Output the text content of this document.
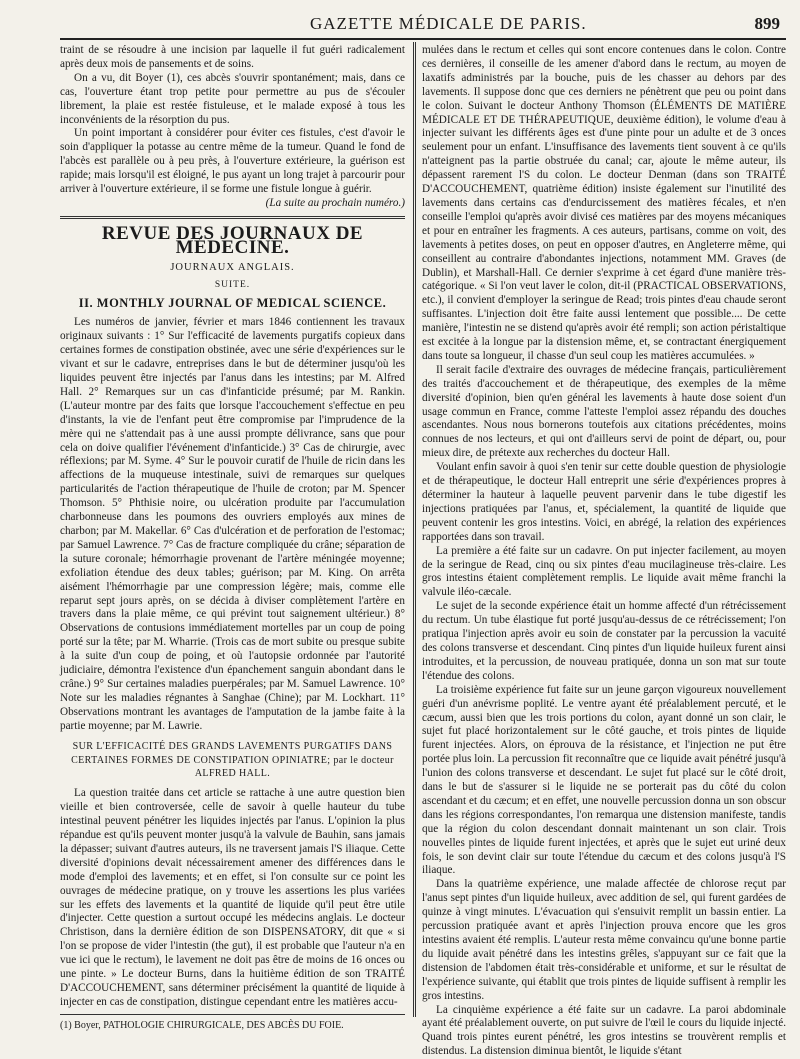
GAZETTE MÉDICALE DE PARIS.	899

traint de se résoudre à une incision par laquelle il fut guéri radicalement après deux mois de pansements et de soins.

On a vu, dit Boyer (1), ces abcès s'ouvrir spontanément; mais, dans ce cas, l'ouverture étant trop petite pour permettre au pus de s'écouler librement, la plaie est restée fistuleuse, et le malade exposé à tous les inconvénients de la résorption du pus.

Un point important à considérer pour éviter ces fistules, c'est d'avoir le soin d'appliquer la potasse au centre même de la tumeur. Quand le fond de l'abcès est parallèle ou à peu près, à l'ouverture extérieure, la guérison est rapide; mais lorsqu'il est éloigné, le pus ayant un long trajet à parcourir pour arriver à l'ouverture extérieure, il se forme une fistule longue à guérir.

(La suite au prochain numéro.)

REVUE DES JOURNAUX DE MÉDECINE.

JOURNAUX ANGLAIS.

SUITE.

II. MONTHLY JOURNAL OF MEDICAL SCIENCE.

Les numéros de janvier, février et mars 1846 contiennent les travaux originaux suivants : 1° Sur l'efficacité de lavements purgatifs copieux dans certaines formes de constipation obstinée, avec une série d'expériences sur le vivant et sur le cadavre, entreprises dans le but de déterminer jusqu'où les liquides peuvent être injectés par l'anus dans les intestins; par M. Alfred Hall. 2° Remarques sur un cas d'infanticide présumé; par M. Rankin. (L'auteur montre par des faits que lorsque l'accouchement s'effectue en peu d'instants, la vie de l'enfant peut être compromise par l'imprudence de la mère qui ne s'attendait pas à une aussi prompte délivrance, sans que pour cela on doive qualifier l'événement d'infanticide.) 3° Cas de chirurgie, avec réflexions; par M. Syme. 4° Sur le pouvoir curatif de l'huile de ricin dans les affections de la muqueuse intestinale, suivi de remarques sur quelques particularités de l'action thérapeutique de l'huile de croton; par M. Spencer Thomson. 5° Phthisie noire, ou ulcération produite par l'accumulation charbonneuse dans les poumons des ouvriers employés aux mines de charbon; par M. Makellar. 6° Cas d'ulcération et de perforation de l'estomac; par Samuel Lawrence. 7° Cas de fracture compliquée du crâne; séparation de la suture coronale; hémorrhagie provenant de l'artère méningée moyenne; exfoliation étendue des deux tables; guérison; par M. King. On arrêta aisément l'hémorrhagie par une compression légère; mais, comme elle reparut sept jours après, on se décida à diviser complètement l'artère en travers dans la plaie même, ce qui prévint tout saignement ultérieur.) 8° Observations de contusions immédiatement mortelles par un coup de poing porté sur la tête; par M. Wharrie. (Trois cas de mort subite ou presque subite à la suite d'un coup de poing, et où l'autopsie ordonnée par l'autorité judiciaire, démontra l'existence d'un épanchement sanguin abondant dans le crâne.) 9° Sur certaines maladies puerpérales; par M. Samuel Lawrence. 10° Note sur les maladies régnantes à Sanghae (Chine); par M. Lockhart. 11° Observations montrant les avantages de l'amputation de la jambe faite à la partie moyenne; par M. Lawrie.

SUR L'EFFICACITÉ DES GRANDS LAVEMENTS PURGATIFS DANS CERTAINES FORMES DE CONSTIPATION OPINIATRE; par le docteur ALFRED HALL.

La question traitée dans cet article se rattache à une autre question bien vieille et bien controversée, celle de savoir à quelle hauteur du tube intestinal peuvent pénétrer les liquides injectés par l'anus. L'opinion la plus répandue est qu'ils peuvent monter jusqu'à la valvule de Bauhin, sans jamais la dépasser; suivant d'autres auteurs, ils ne traversent jamais l'S iliaque. Cette diversité d'opinions devait nécessairement amener des différences dans le mode d'emploi des lavements; et en effet, si l'on consulte sur ce point les ouvrages de médecine pratique, on y trouve les assertions les plus variées sur les effets des lavements et la quantité de liquide qu'il peut être utile d'injecter. Cette question a surtout occupé les médecins anglais. Le docteur Christison, dans la dernière édition de son DISPENSATORY, dit que « si l'on se propose de vider l'intestin (the gut), il est probable que l'auteur n'a en vue ici que le rectum), le lavement ne doit pas être de moins de 16 onces ou une pinte. » Le docteur Burns, dans la huitième édition de son TRAITÉ D'ACCOUCHEMENT, sans déterminer précisément la quantité de liquide à injecter en cas de constipation, distingue cependant entre les matières accu-

(1) Boyer, PATHOLOGIE CHIRURGICALE, DES ABCÈS DU FOIE.

mulées dans le rectum et celles qui sont encore contenues dans le colon. Contre ces dernières, il conseille de les amener d'abord dans le rectum, au moyen de laxatifs administrés par la bouche, puis de les chasser au dehors par des lavements. Il suppose donc que ces derniers ne pénètrent que peu ou point dans le colon. Suivant le docteur Anthony Thomson (ÉLÉMENTS DE MATIÈRE MÉDICALE ET DE THÉRAPEUTIQUE, deuxième édition), le volume d'eau à injecter suivant les différents âges est d'une pinte pour un adulte et de 3 onces seulement pour un enfant. L'insuffisance des lavements tient souvent à ce qu'ils n'atteignent pas la partie obstruée du canal; car, ajoute le même auteur, ils dépassent rarement l'S du colon. Le docteur Denman (dans son TRAITÉ D'ACCOUCHEMENT, quatrième édition) insiste également sur l'inutilité des lavements dans certains cas d'endurcissement des matières fécales, et n'en conseille l'emploi qu'après avoir divisé ces matières par des moyens mécaniques et pour en entraîner les fragments. A ces auteurs, partisans, comme on voit, des lavements à petites doses, on peut en opposer d'autres, en Angleterre même, qui conseillent au contraire d'abondantes injections, notamment MM. Graves (de Dublin), et Marshall-Hall. Ce dernier s'exprime à cet égard d'une manière très-catégorique. « Si l'on veut laver le colon, dit-il (PRACTICAL OBSERVATIONS, etc.), il convient d'employer la seringue de Read; trois pintes d'eau chaude seront suffisantes. L'injection doit être faite aussi lentement que possible.... De cette manière, l'intestin ne se distend qu'après avoir été rempli; son action péristaltique est excitée à la longue par la distension même, et, se contractant énergiquement dans toute sa longueur, il chasse d'un seul coup les matières accumulées. »

Il serait facile d'extraire des ouvrages de médecine français, particulièrement des traités d'accouchement et de thérapeutique, des exemples de la même diversité d'opinion, bien qu'en général les lavements à haute dose soient d'un usage commun en France, comme l'atteste l'emploi assez répandu des douches ascendantes. Nous nous bornerons toutefois aux citations précédentes, moins connues de nos lecteurs, et qui ont d'ailleurs servi de point de départ, ou, pour mieux dire, de prétexte aux recherches du docteur Hall.

Voulant enfin savoir à quoi s'en tenir sur cette double question de physiologie et de thérapeutique, le docteur Hall entreprit une série d'expériences propres à déterminer la hauteur à laquelle peuvent parvenir dans le tube digestif les injections pratiquées par l'anus, et, spécialement, la quantité de liquide que peuvent contenir les gros intestins. Voici, en abrégé, la relation des expériences rapportées dans son travail.

La première a été faite sur un cadavre. On put injecter facilement, au moyen de la seringue de Read, cinq ou six pintes d'eau mucilagineuse très-claire. Les gros intestins étaient complètement remplis. Le liquide avait même franchi la valvule iléo-cæcale.

Le sujet de la seconde expérience était un homme affecté d'un rétrécissement du rectum. Un tube élastique fut porté jusqu'au-dessus de ce rétrécissement; l'on pratiqua l'injection après avoir eu soin de constater par la percussion la vacuité des colons transverse et descendant. Cinq pintes d'un liquide huileux furent ainsi introduites, et la percussion, de nouveau pratiquée, donna un son mat sur toute l'étendue des colons.

La troisième expérience fut faite sur un jeune garçon vigoureux nouvellement guéri d'un anévrisme poplité. Le ventre ayant été préalablement percuté, et le cæcum, aussi bien que les trois portions du colon, ayant donné un son clair, le sujet fut placé horizontalement sur le côté gauche, et trois pintes de liquide furent injectées. Alors, on éprouva de la résistance, et l'injection ne put être portée plus loin. La percussion fit reconnaître que ce liquide avait pénétré jusqu'à l'union des colons transverse et descendant. Le sujet fut placé sur le côté droit, dans le but de s'assurer si le liquide ne se porterait pas du côté du colon ascendant et du cæcum; et en effet, une nouvelle percussion donna un son obscur dans les régions correspondantes, l'on remarqua une distension manifeste, tandis que la région du colon descendant donnait maintenant un son clair. Trois nouvelles pintes de liquide furent injectées, et après que le sujet eut uriné deux fois, le son devint clair sur toute l'étendue du cæcum et des colons jusqu'à l'S iliaque.

Dans la quatrième expérience, une malade affectée de chlorose reçut par l'anus sept pintes d'un liquide huileux, avec addition de sel, qui furent gardées de quinze à vingt minutes. L'évacuation qui s'ensuivit remplit un bassin entier. La percussion pratiquée avant et après l'injection prouva encore que les gros intestins avaient été remplis. L'auteur resta même convaincu qu'une bonne partie du liquide avait pénétré dans les intestins grêles, s'appuyant sur ce fait que la distension de l'abdomen était très-considérable et uniforme, et sur le résultat de l'expérience suivante, qui établit que trois pintes de liquide suffisent à remplir les gros intestins.

La cinquième expérience a été faite sur un cadavre. La paroi abdominale ayant été préalablement ouverte, on put suivre de l'œil le cours du liquide injecté. Quand trois pintes eurent pénétré, les gros intestins se trouvèrent remplis et distendus. La distension diminua bientôt, le liquide s'étant
